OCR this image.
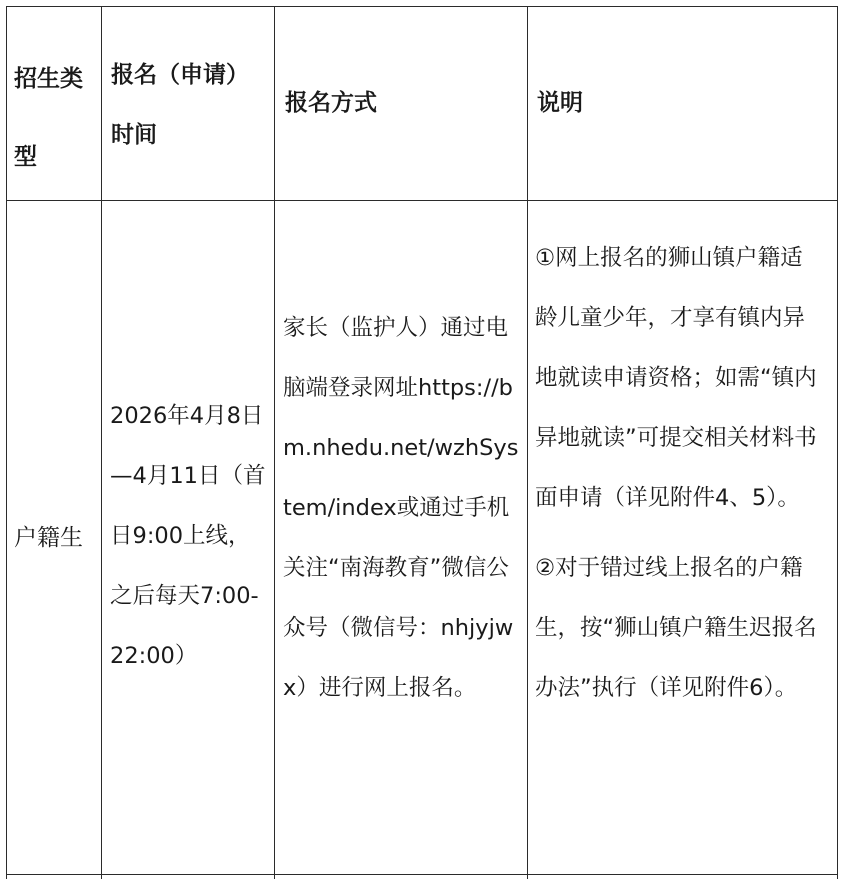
招生类型

报名（申请）时间

报名方式	说明

户籍生

2026年4月8日—4月11日（首日9:00上线，之后每天7:00-22:00）

家长（监护人）通过电脑端登录网址https://bm.nhedu.net/wzhSystem/index或通过手机关注“南海教育”微信公众号（微信号：nhjyjwx）进行网上报名。

①网上报名的狮山镇户籍适龄儿童少年，才享有镇内异地就读申请资格；如需“镇内异地就读”可提交相关材料书面申请（详见附件4、5）。

②对于错过线上报名的户籍生，按“狮山镇户籍生迟报名办法”执行（详见附件6）。
